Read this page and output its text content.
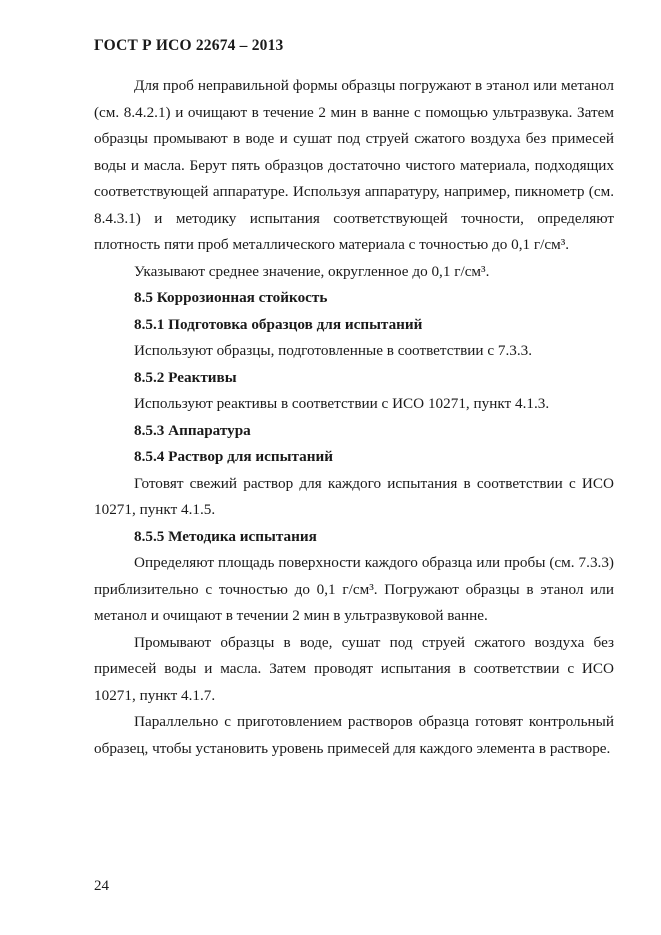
ГОСТ Р ИСО 22674 – 2013

Для проб неправильной формы образцы погружают в этанол или метанол (см. 8.4.2.1) и очищают в течение 2 мин в ванне с помощью ультразвука. Затем образцы промывают в воде и сушат под струей сжатого воздуха без примесей воды и масла. Берут пять образцов достаточно чистого материала, подходящих соответствующей аппаратуре. Используя аппаратуру, например, пикнометр (см. 8.4.3.1) и методику испытания соответствующей точности, определяют плотность пяти проб металлического материала с точностью до 0,1 г/см³.

Указывают среднее значение, округленное до 0,1 г/см³.

8.5 Коррозионная стойкость

8.5.1 Подготовка образцов для испытаний

Используют образцы, подготовленные в соответствии с 7.3.3.

8.5.2 Реактивы

Используют реактивы в соответствии с ИСО 10271, пункт 4.1.3.

8.5.3 Аппаратура

8.5.4 Раствор для испытаний

Готовят свежий раствор для каждого испытания в соответствии с ИСО 10271, пункт 4.1.5.

8.5.5 Методика испытания

Определяют площадь поверхности каждого образца или пробы (см. 7.3.3) приблизительно с точностью до 0,1 г/см³. Погружают образцы в этанол или метанол и очищают в течении 2 мин в ультразвуковой ванне.

Промывают образцы в воде, сушат под струей сжатого воздуха без примесей воды и масла. Затем проводят испытания в соответствии с ИСО 10271, пункт 4.1.7.

Параллельно с приготовлением растворов образца готовят контрольный образец, чтобы установить уровень примесей для каждого элемента в растворе.

24
